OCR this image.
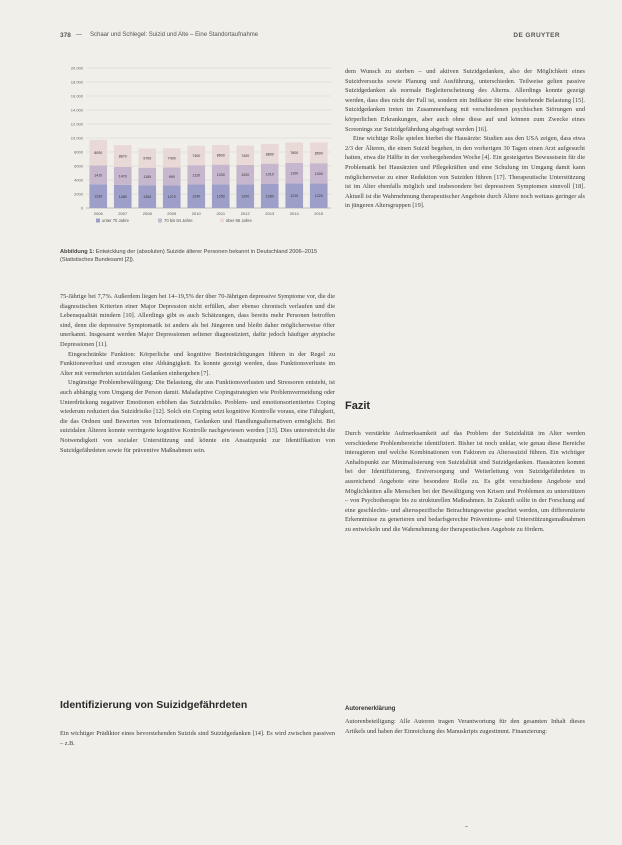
378 — Schaar und Schlegel: Suizid und Alte – Eine Standortaufnahme	DE GRUYTER
0
2000
4000
6000
8000
10.000
12.000
14.000
16.000
18.000
20.000
1230
1410
8000
2006
1280
1470
8670
2007
1300
1150
9700
2008
1270
990
7400
2009
1240
1120
7400
2010
1250
1030
8600
2011
1200
1020
7400
2012
1280
1010
8800
2013
1210
1100
7800
2014
1220
1000
8500
2015
unter 70 Jahre	70 bis 84 Jahre	über 85 Jahre
Abbildung 1: Entwicklung der (absoluten) Suizide älterer Personen bekannt in Deutschland 2006–2015 (Statistisches Bundesamt [2]).

75-Jährige bei 7,7%. Außerdem liegen bei 14–19,5% der über 70-Jährigen depressive Symptome vor, die die diagnostischen Kriterien einer Major Depression nicht erfüllen, aber ebenso chronisch verlaufen und die Lebensqualität mindern [10]. Allerdings gibt es auch Schätzungen, dass bereits mehr Personen betroffen sind, denn die depressive Symptomatik ist anders als bei Jüngeren und bleibt daher möglicherweise öfter unerkannt. Insgesamt werden Major Depressionen seltener diagnostiziert, dafür jedoch häufiger atypische Depressionen [11].

Eingeschränkte Funktion: Körperliche und kognitive Beeinträchtigungen führen in der Regel zu Funktionsverlust und erzeugen eine Abhängigkeit. Es konnte gezeigt werden, dass Funktionsverluste im Alter mit vermehrten suizidalen Gedanken einhergehen [7].

Ungünstige Problembewältigung: Die Belastung, die aus Funktionsverlusten und Stressoren entsteht, ist auch abhängig vom Umgang der Person damit. Maladaptive Copingstrategien wie Problemvermeidung oder Unterdrückung negativer Emotionen erhöhen das Suizidrisiko. Problem- und emotionsorientiertes Coping wiederum reduziert das Suizidrisiko [12]. Solch ein Coping setzt kognitive Kontrolle voraus, eine Fähigkeit, die das Ordnen und Bewerten von Informationen, Gedanken und Handlungsalternativen ermöglicht. Bei suizidalen Älteren konnte verringerte kognitive Kontrolle nachgewiesen werden [13]. Dies unterstreicht die Notwendigkeit von sozialer Unterstützung und könnte ein Ansatzpunkt zur Identifikation von Suizidgefährdeten sowie für präventive Maßnahmen sein.

Identifizierung von Suizidgefährdeten

Ein wichtiger Prädiktor eines bevorstehenden Suizids sind Suizidgedanken [14]. Es wird zwischen passiven – z.B.

dem Wunsch zu sterben – und aktiven Suizidgedanken, also der Möglichkeit eines Suizidversuchs sowie Planung und Ausführung, unterschieden. Teilweise gelten passive Suizidgedanken als normale Begleiterscheinung des Alterns. Allerdings konnte gezeigt werden, dass dies nicht der Fall ist, sondern ein Indikator für eine bestehende Belastung [15]. Suizidgedanken treten im Zusammenhang mit verschiedenen psychischen Störungen und körperlichen Erkrankungen, aber auch ohne diese auf und können zum Zwecke eines Screenings zur Suizidgefährdung abgefragt werden [16].

Eine wichtige Rolle spielen hierbei die Hausärzte: Studien aus den USA zeigen, dass etwa 2/3 der Älteren, die einen Suizid begehen, in den vorherigen 30 Tagen einen Arzt aufgesucht hatten, etwa die Hälfte in der vorhergehenden Woche [4]. Ein gesteigertes Bewusstsein für die Problematik bei Hausärzten und Pflegekräften und eine Schulung im Umgang damit kann möglicherweise zu einer Reduktion von Suiziden führen [17]. Therapeutische Unterstützung ist im Alter ebenfalls möglich und insbesondere bei depressiven Symptomen sinnvoll [18]. Aktuell ist die Wahrnehmung therapeutischer Angebote durch Ältere noch weitaus geringer als in jüngeren Altersgruppen [19].

Fazit

Durch verstärkte Aufmerksamkeit auf das Problem der Suizidalität im Alter werden verschiedene Problembereiche identifiziert. Bisher ist noch unklar, wie genau diese Bereiche interagieren und welche Kombinationen von Faktoren zu Alterssuizid führen. Ein wichtiger Anhaltspunkt zur Minimalisierung von Suizidalität sind Suizidgedanken. Hausärzten kommt bei der Identifizierung, Erstversorgung und Weiterleitung von Suizidgefährdeten in ausreichend Angebote eine besondere Rolle zu. Es gibt verschiedene Angebote und Möglichkeiten alle Menschen bei der Bewältigung von Krisen und Problemen zu unterstützen – von Psychotherapie bis zu strukturellen Maßnahmen. In Zukunft sollte in der Forschung auf eine geschlechts- und altersspezifische Betrachtungsweise geachtet werden, um differenzierte Erkenntnisse zu generieren und bedarfsgerechte Präventions- und Unterstützungsmaßnahmen zu entwickeln und die Wahrnehmung der therapeutischen Angebote zu fördern.

Autorenerklärung

Autorenbeteiligung: Alle Autoren tragen Verantwortung für den gesamten Inhalt dieses Artikels und haben der Einreichung des Manuskripts zugestimmt. Finanzierung:
